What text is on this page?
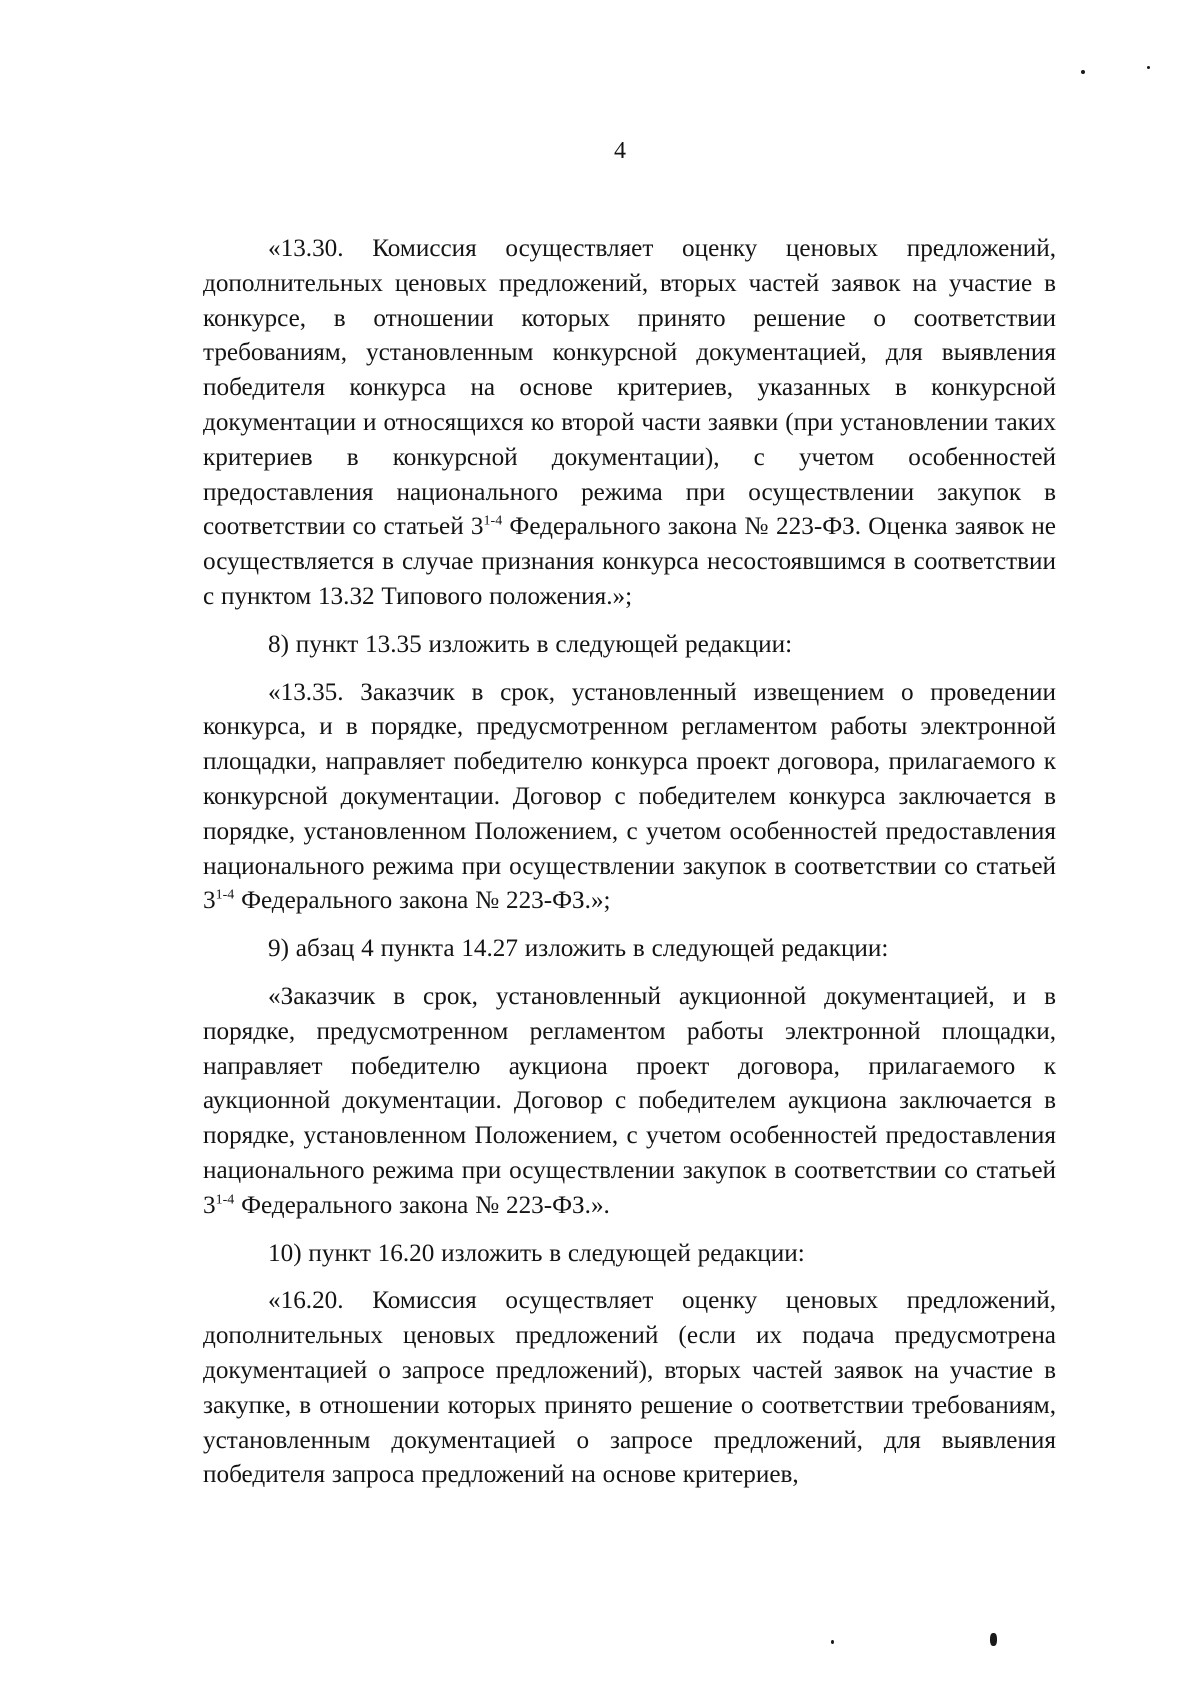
4

«13.30. Комиссия осуществляет оценку ценовых предложений, дополнительных ценовых предложений, вторых частей заявок на участие в конкурсе, в отношении которых принято решение о соответствии требованиям, установленным конкурсной документацией, для выявления победителя конкурса на основе критериев, указанных в конкурсной документации и относящихся ко второй части заявки (при установлении таких критериев в конкурсной документации), с учетом особенностей предоставления национального режима при осуществлении закупок в соответствии со статьей 3$^{1-4}$ Федерального закона № 223-ФЗ. Оценка заявок не осуществляется в случае признания конкурса несостоявшимся в соответствии с пунктом 13.32 Типового положения.»;

8) пункт 13.35 изложить в следующей редакции:

«13.35. Заказчик в срок, установленный извещением о проведении конкурса, и в порядке, предусмотренном регламентом работы электронной площадки, направляет победителю конкурса проект договора, прилагаемого к конкурсной документации. Договор с победителем конкурса заключается в порядке, установленном Положением, с учетом особенностей предоставления национального режима при осуществлении закупок в соответствии со статьей 3$^{1-4}$ Федерального закона № 223-ФЗ.»;

9) абзац 4 пункта 14.27 изложить в следующей редакции:

«Заказчик в срок, установленный аукционной документацией, и в порядке, предусмотренном регламентом работы электронной площадки, направляет победителю аукциона проект договора, прилагаемого к аукционной документации. Договор с победителем аукциона заключается в порядке, установленном Положением, с учетом особенностей предоставления национального режима при осуществлении закупок в соответствии со статьей 3$^{1-4}$ Федерального закона № 223-ФЗ.».

10) пункт 16.20 изложить в следующей редакции:

«16.20. Комиссия осуществляет оценку ценовых предложений, дополнительных ценовых предложений (если их подача предусмотрена документацией о запросе предложений), вторых частей заявок на участие в закупке, в отношении которых принято решение о соответствии требованиям, установленным документацией о запросе предложений, для выявления победителя запроса предложений на основе критериев,
